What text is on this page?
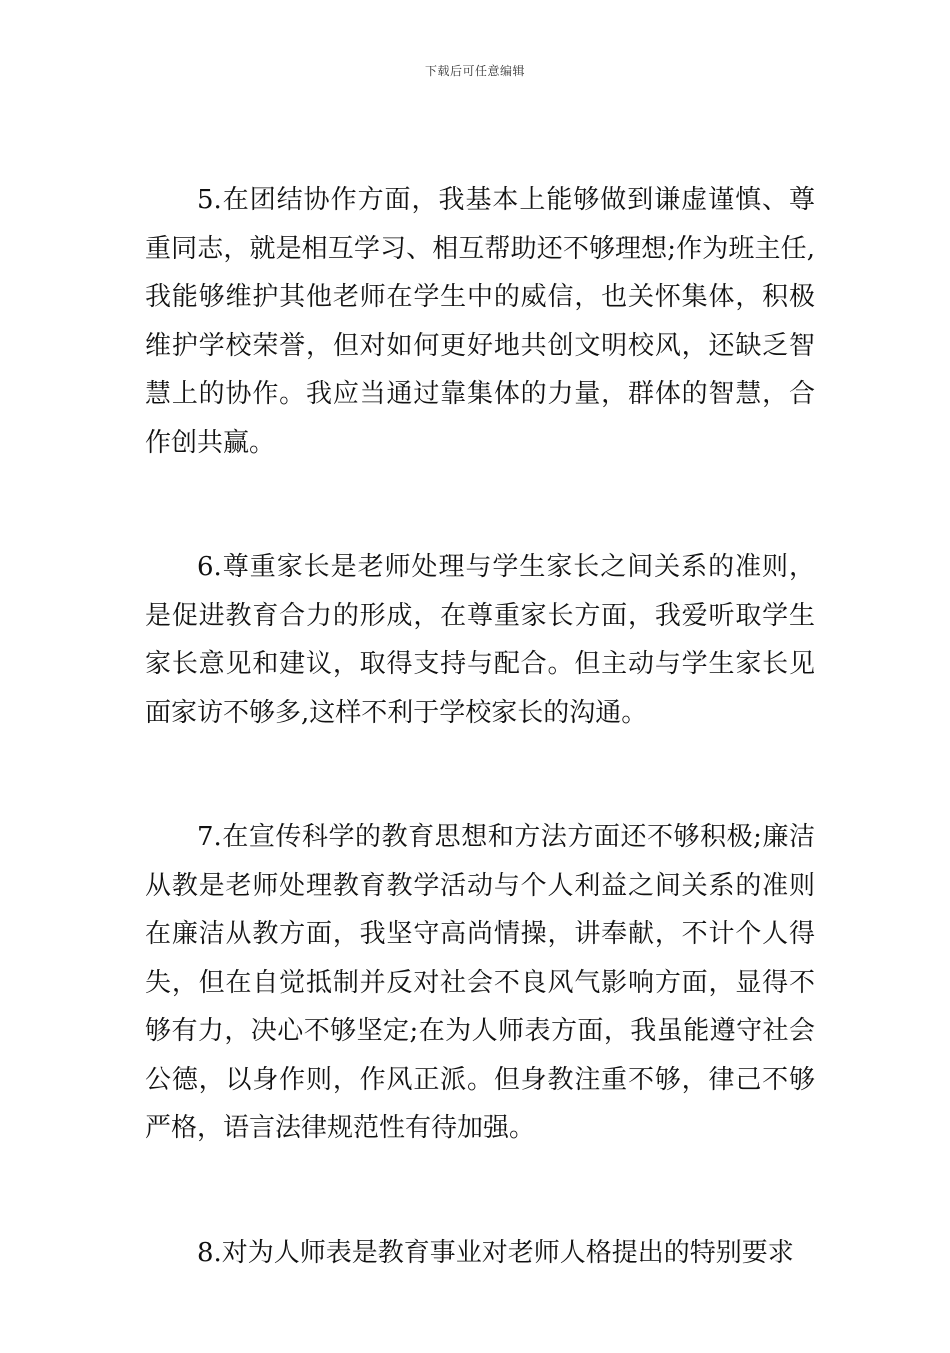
下载后可任意编辑

5.在团结协作方面，我基本上能够做到谦虚谨慎、尊重同志，就是相互学习、相互帮助还不够理想;作为班主任,我能够维护其他老师在学生中的威信，也关怀集体，积极维护学校荣誉，但对如何更好地共创文明校风，还缺乏智慧上的协作。我应当通过靠集体的力量，群体的智慧，合作创共赢。

6.尊重家长是老师处理与学生家长之间关系的准则，是促进教育合力的形成，在尊重家长方面，我爱听取学生家长意见和建议，取得支持与配合。但主动与学生家长见面家访不够多,这样不利于学校家长的沟通。

7.在宣传科学的教育思想和方法方面还不够积极;廉洁从教是老师处理教育教学活动与个人利益之间关系的准则在廉洁从教方面，我坚守高尚情操，讲奉献，不计个人得失，但在自觉抵制并反对社会不良风气影响方面，显得不够有力，决心不够坚定;在为人师表方面，我虽能遵守社会公德，以身作则，作风正派。但身教注重不够，律己不够严格，语言法律规范性有待加强。

8.对为人师表是教育事业对老师人格提出的特别要求
